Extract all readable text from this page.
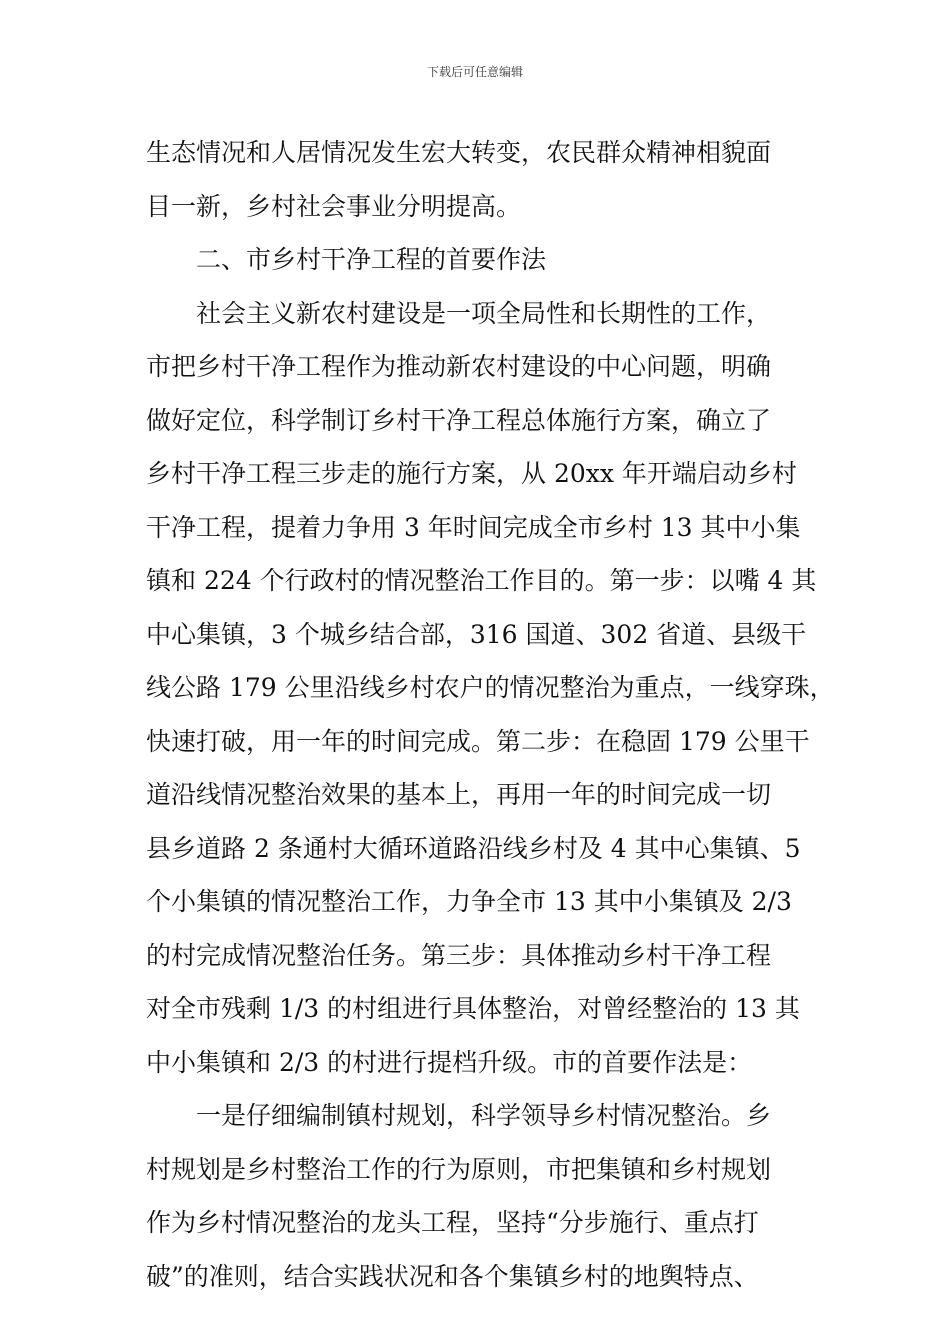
下载后可任意编辑
生态情况和人居情况发生宏大转变，农民群众精神相貌面
目一新，乡村社会事业分明提高。
二、市乡村干净工程的首要作法
社会主义新农村建设是一项全局性和长期性的工作，
市把乡村干净工程作为推动新农村建设的中心问题，明确
做好定位，科学制订乡村干净工程总体施行方案，确立了
乡村干净工程三步走的施行方案，从 20xx 年开端启动乡村
干净工程，提着力争用 3 年时间完成全市乡村 13 其中小集
镇和 224 个行政村的情况整治工作目的。第一步：以嘴 4 其
中心集镇，3 个城乡结合部，316 国道、302 省道、县级干
线公路 179 公里沿线乡村农户的情况整治为重点，一线穿珠，
快速打破，用一年的时间完成。第二步：在稳固 179 公里干
道沿线情况整治效果的基本上，再用一年的时间完成一切
县乡道路 2 条通村大循环道路沿线乡村及 4 其中心集镇、5
个小集镇的情况整治工作，力争全市 13 其中小集镇及 2/3
的村完成情况整治任务。第三步：具体推动乡村干净工程
对全市残剩 1/3 的村组进行具体整治，对曾经整治的 13 其
中小集镇和 2/3 的村进行提档升级。市的首要作法是：
一是仔细编制镇村规划，科学领导乡村情况整治。乡
村规划是乡村整治工作的行为原则，市把集镇和乡村规划
作为乡村情况整治的龙头工程，坚持“分步施行、重点打
破”的准则，结合实践状况和各个集镇乡村的地舆特点、
